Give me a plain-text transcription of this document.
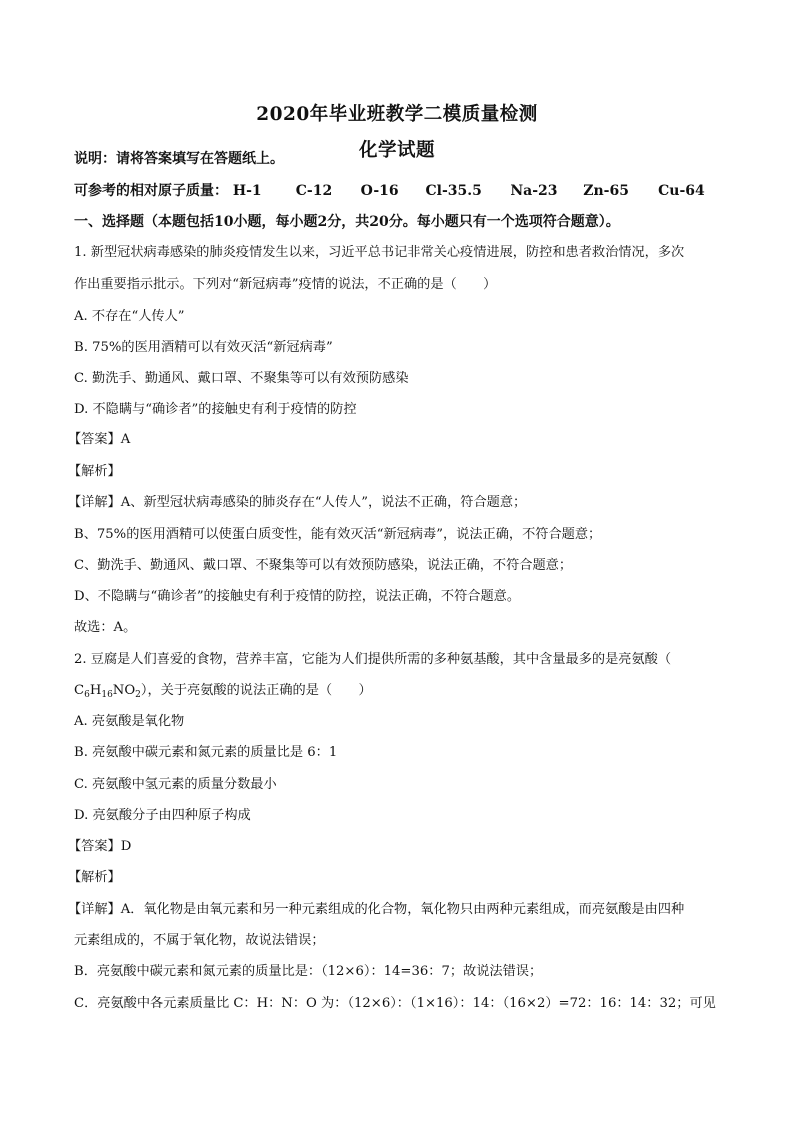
2020年毕业班教学二模质量检测
化学试题
说明：请将答案填写在答题纸上。
可参考的相对原子质量： H-1 C-12 O-16 Cl-35.5 Na-23 Zn-65 Cu-64
一、选择题（本题包括10小题，每小题2分，共20分。每小题只有一个选项符合题意）。
1. 新型冠状病毒感染的肺炎疫情发生以来，习近平总书记非常关心疫情进展，防控和患者救治情况，多次
作出重要指示批示。下列对“新冠病毒”疫情的说法，不正确的是（　　）
A. 不存在“人传人”
B. 75%的医用酒精可以有效灭活“新冠病毒”
C. 勤洗手、勤通风、戴口罩、不聚集等可以有效预防感染
D. 不隐瞒与“确诊者”的接触史有利于疫情的防控
【答案】A
【解析】
【详解】A、新型冠状病毒感染的肺炎存在“人传人”，说法不正确，符合题意；
B、75%的医用酒精可以使蛋白质变性，能有效灭活“新冠病毒”，说法正确，不符合题意；
C、勤洗手、勤通风、戴口罩、不聚集等可以有效预防感染，说法正确，不符合题意；
D、不隐瞒与“确诊者”的接触史有利于疫情的防控，说法正确，不符合题意。
故选：A。
2. 豆腐是人们喜爱的食物，营养丰富，它能为人们提供所需的多种氨基酸，其中含量最多的是亮氨酸（
$C_6H_{16}NO_2$），关于亮氨酸的说法正确的是（　　）
A. 亮氨酸是氧化物
B. 亮氨酸中碳元素和氮元素的质量比是 6：1
C. 亮氨酸中氢元素的质量分数最小
D. 亮氨酸分子由四种原子构成
【答案】D
【解析】
【详解】A．氧化物是由氧元素和另一种元素组成的化合物，氧化物只由两种元素组成，而亮氨酸是由四种
元素组成的，不属于氧化物，故说法错误；
B．亮氨酸中碳元素和氮元素的质量比是：（12×6）：14=36：7；故说法错误；
C．亮氨酸中各元素质量比 C：H：N：O 为：（12×6）：（1×16）：14：（16×2）=72：16：14：32；可见
